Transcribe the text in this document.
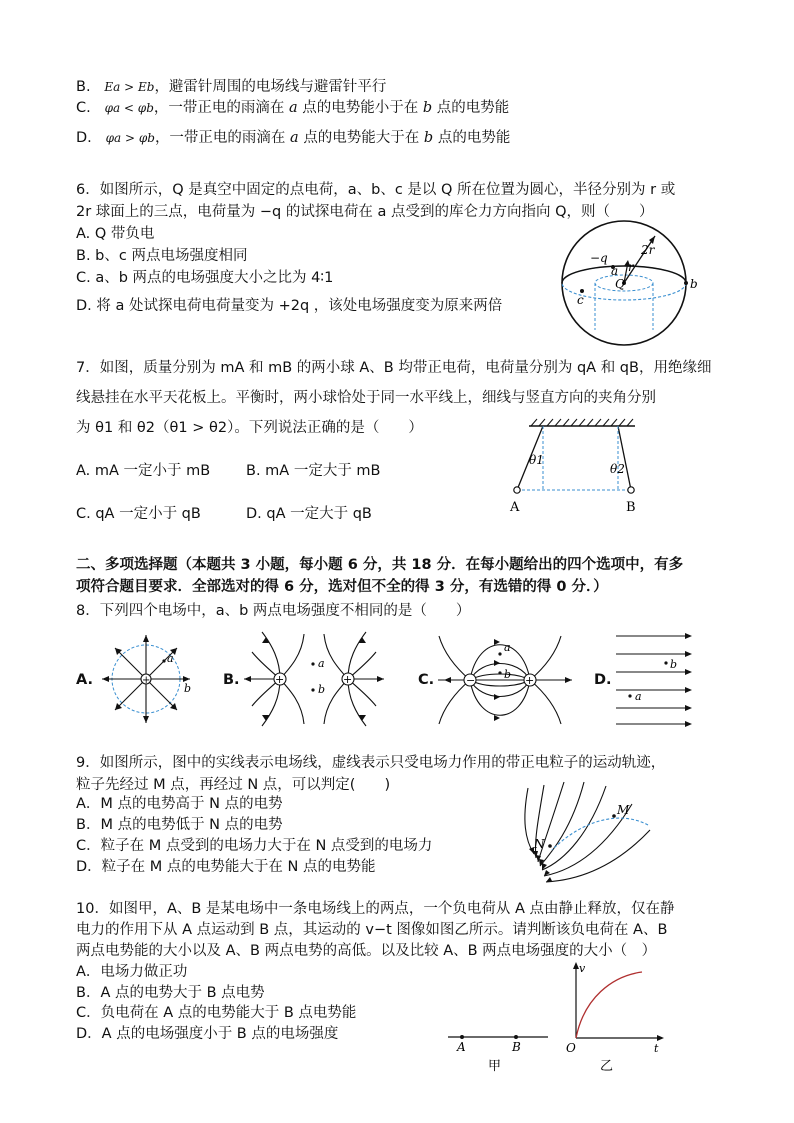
B. Ea > Eb，避雷针周围的电场线与避雷针平行
C. φa < φb，一带正电的雨滴在 a 点的电势能小于在 b 点的电势能
D. φa > φb，一带正电的雨滴在 a 点的电势能大于在 b 点的电势能
6．如图所示，Q 是真空中固定的点电荷，a、b、c 是以 Q 所在位置为圆心，半径分别为 r 或
2r 球面上的三点，电荷量为 −q 的试探电荷在 a 点受到的库仑力方向指向 Q，则（　　）
A. Q 带负电
B. b、c 两点电场强度相同
C. a、b 两点的电场强度大小之比为 4∶1
D. 将 a 处试探电荷电荷量变为 +2q ，该处电场强度变为原来两倍
−q
a r
2r
Q	b
c
7．如图，质量分别为 mA 和 mB 的两小球 A、B 均带正电荷，电荷量分别为 qA 和 qB，用绝缘细
线悬挂在水平天花板上。平衡时，两小球恰处于同一水平线上，细线与竖直方向的夹角分别
为 θ1 和 θ2（θ1 > θ2）。下列说法正确的是（　　）
A. mA 一定小于 mB B. mA 一定大于 mB
C. qA 一定小于 qB	D. qA 一定大于 qB
θ1
θ2
A	B
二、多项选择题（本题共 3 小题，每小题 6 分，共 18 分．在每小题给出的四个选项中，有多
项符合题目要求．全部选对的得 6 分，选对但不全的得 3 分，有选错的得 0 分．）
8．下列四个电场中，a、b 两点电场强度不相同的是（　　）
A.	+
a
b
B.	+	+
a
b
C.	−	+
a
b	D.
b
a
9．如图所示，图中的实线表示电场线，虚线表示只受电场力作用的带正电粒子的运动轨迹，
粒子先经过 M 点，再经过 N 点，可以判定(　　)
A．M 点的电势高于 N 点的电势
B．M 点的电势低于 N 点的电势
C．粒子在 M 点受到的电场力大于在 N 点受到的电场力
D．粒子在 M 点的电势能大于在 N 点的电势能
M
N
10．如图甲，A、B 是某电场中一条电场线上的两点，一个负电荷从 A 点由静止释放，仅在静
电力的作用下从 A 点运动到 B 点，其运动的 v−t 图像如图乙所示。请判断该负电荷在 A、B
两点电势能的大小以及 A、B 两点电势的高低。以及比较 A、B 两点电场强度的大小（　）
A．电场力做正功
B．A 点的电势大于 B 点电势
C．负电荷在 A 点的电势能大于 B 点电势能
D．A 点的电场强度小于 B 点的电场强度
A	B
甲
v
t
O
乙
